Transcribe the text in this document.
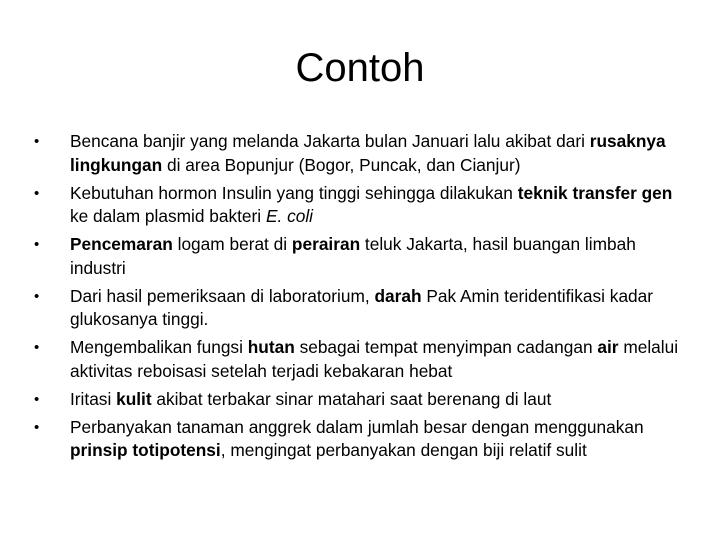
Contoh
•	Bencana banjir yang melanda Jakarta bulan Januari lalu akibat dari rusaknya lingkungan di area Bopunjur (Bogor, Puncak, dan Cianjur)
•	Kebutuhan hormon Insulin yang tinggi sehingga dilakukan teknik transfer gen ke dalam plasmid bakteri E. coli
•	Pencemaran logam berat di perairan teluk Jakarta, hasil buangan limbah industri
•	Dari hasil pemeriksaan di laboratorium, darah Pak Amin teridentifikasi kadar glukosanya tinggi.
•	Mengembalikan fungsi hutan sebagai tempat menyimpan cadangan air melalui aktivitas reboisasi setelah terjadi kebakaran hebat
•	Iritasi kulit akibat terbakar sinar matahari saat berenang di laut
•	Perbanyakan tanaman anggrek dalam jumlah besar dengan menggunakan prinsip totipotensi, mengingat perbanyakan dengan biji relatif sulit
